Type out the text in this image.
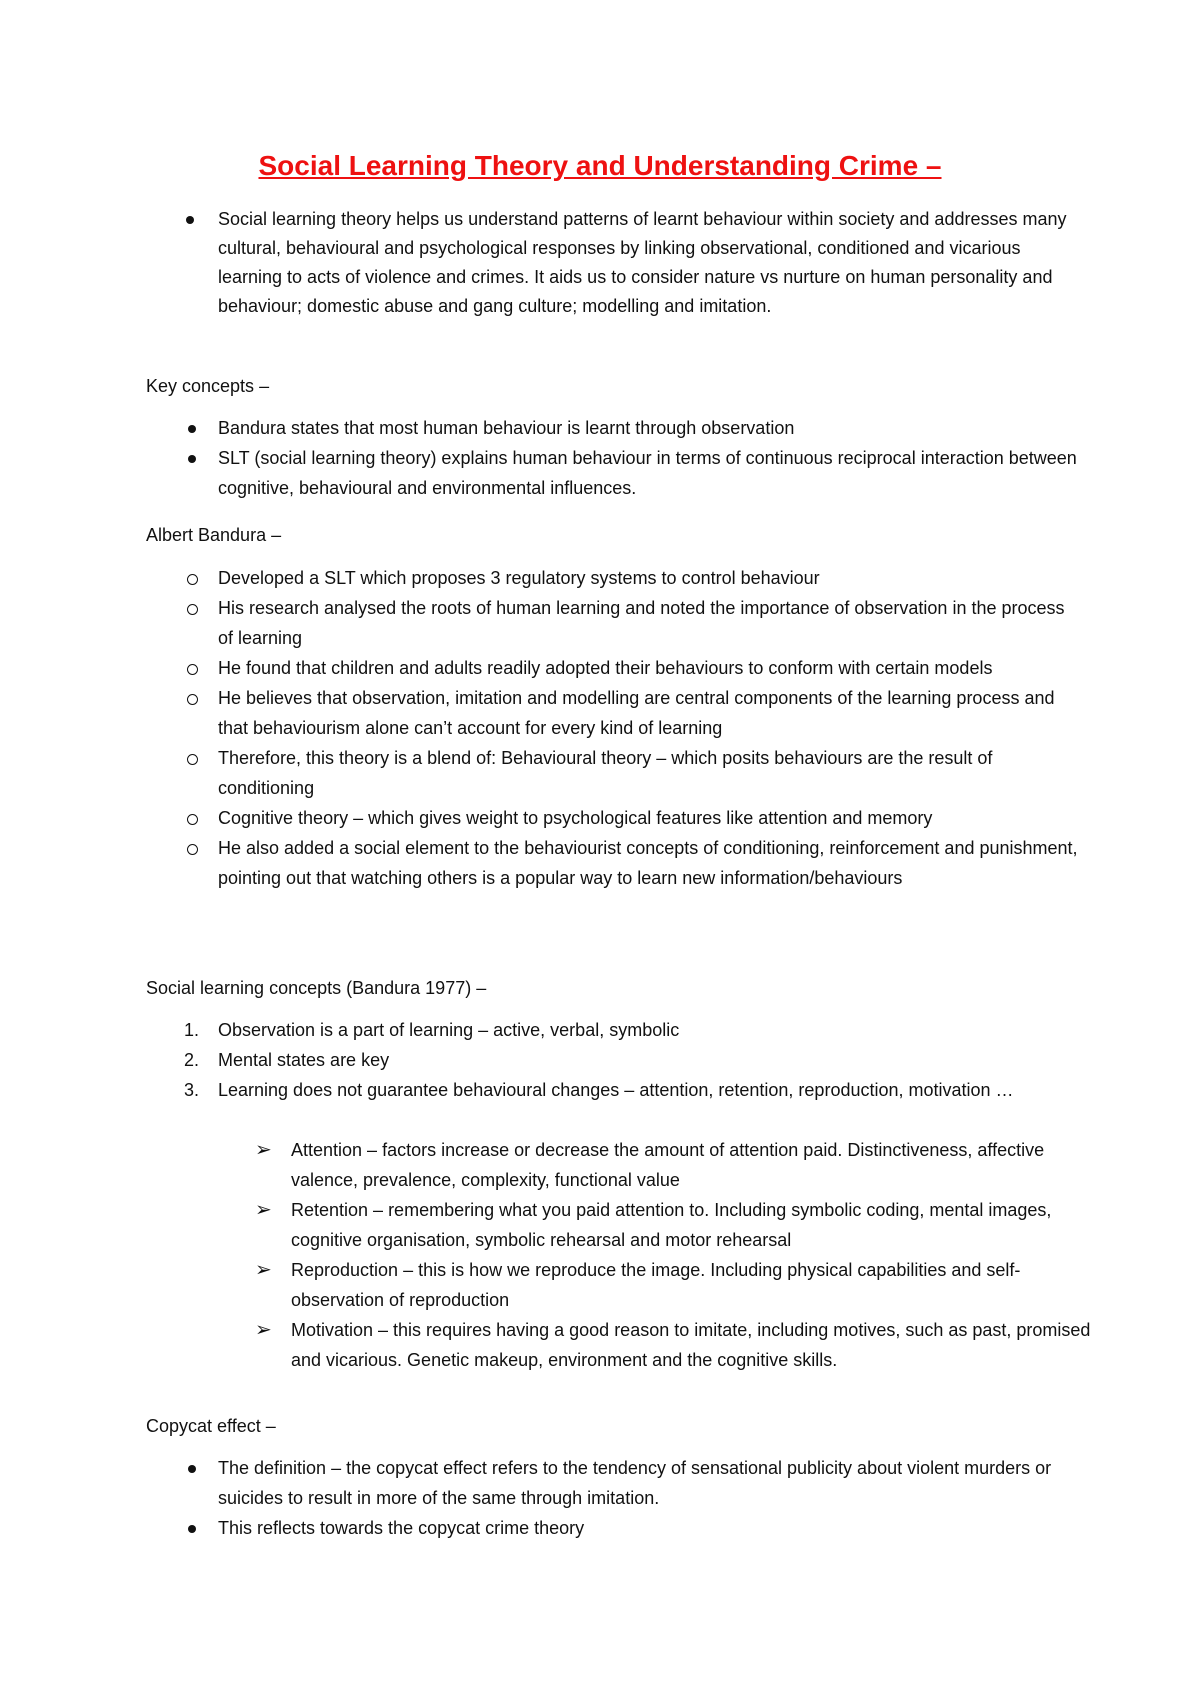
Social Learning Theory and Understanding Crime –
Social learning theory helps us understand patterns of learnt behaviour within society and addresses many cultural, behavioural and psychological responses by linking observational, conditioned and vicarious learning to acts of violence and crimes. It aids us to consider nature vs nurture on human personality and behaviour; domestic abuse and gang culture; modelling and imitation.
Key concepts –
Bandura states that most human behaviour is learnt through observation
SLT (social learning theory) explains human behaviour in terms of continuous reciprocal interaction between cognitive, behavioural and environmental influences.
Albert Bandura –
Developed a SLT which proposes 3 regulatory systems to control behaviour
His research analysed the roots of human learning and noted the importance of observation in the process of learning
He found that children and adults readily adopted their behaviours to conform with certain models
He believes that observation, imitation and modelling are central components of the learning process and that behaviourism alone can’t account for every kind of learning
Therefore, this theory is a blend of: Behavioural theory – which posits behaviours are the result of conditioning
Cognitive theory – which gives weight to psychological features like attention and memory
He also added a social element to the behaviourist concepts of conditioning, reinforcement and punishment, pointing out that watching others is a popular way to learn new information/behaviours
Social learning concepts (Bandura 1977) –
1.	Observation is a part of learning – active, verbal, symbolic
2.	Mental states are key
3.	Learning does not guarantee behavioural changes – attention, retention, reproduction, motivation …
➢ Attention – factors increase or decrease the amount of attention paid. Distinctiveness, affective valence, prevalence, complexity, functional value
➢ Retention – remembering what you paid attention to. Including symbolic coding, mental images, cognitive organisation, symbolic rehearsal and motor rehearsal
➢ Reproduction – this is how we reproduce the image. Including physical capabilities and self-observation of reproduction
➢ Motivation – this requires having a good reason to imitate, including motives, such as past, promised and vicarious. Genetic makeup, environment and the cognitive skills.
Copycat effect –
The definition – the copycat effect refers to the tendency of sensational publicity about violent murders or suicides to result in more of the same through imitation.
This reflects towards the copycat crime theory
